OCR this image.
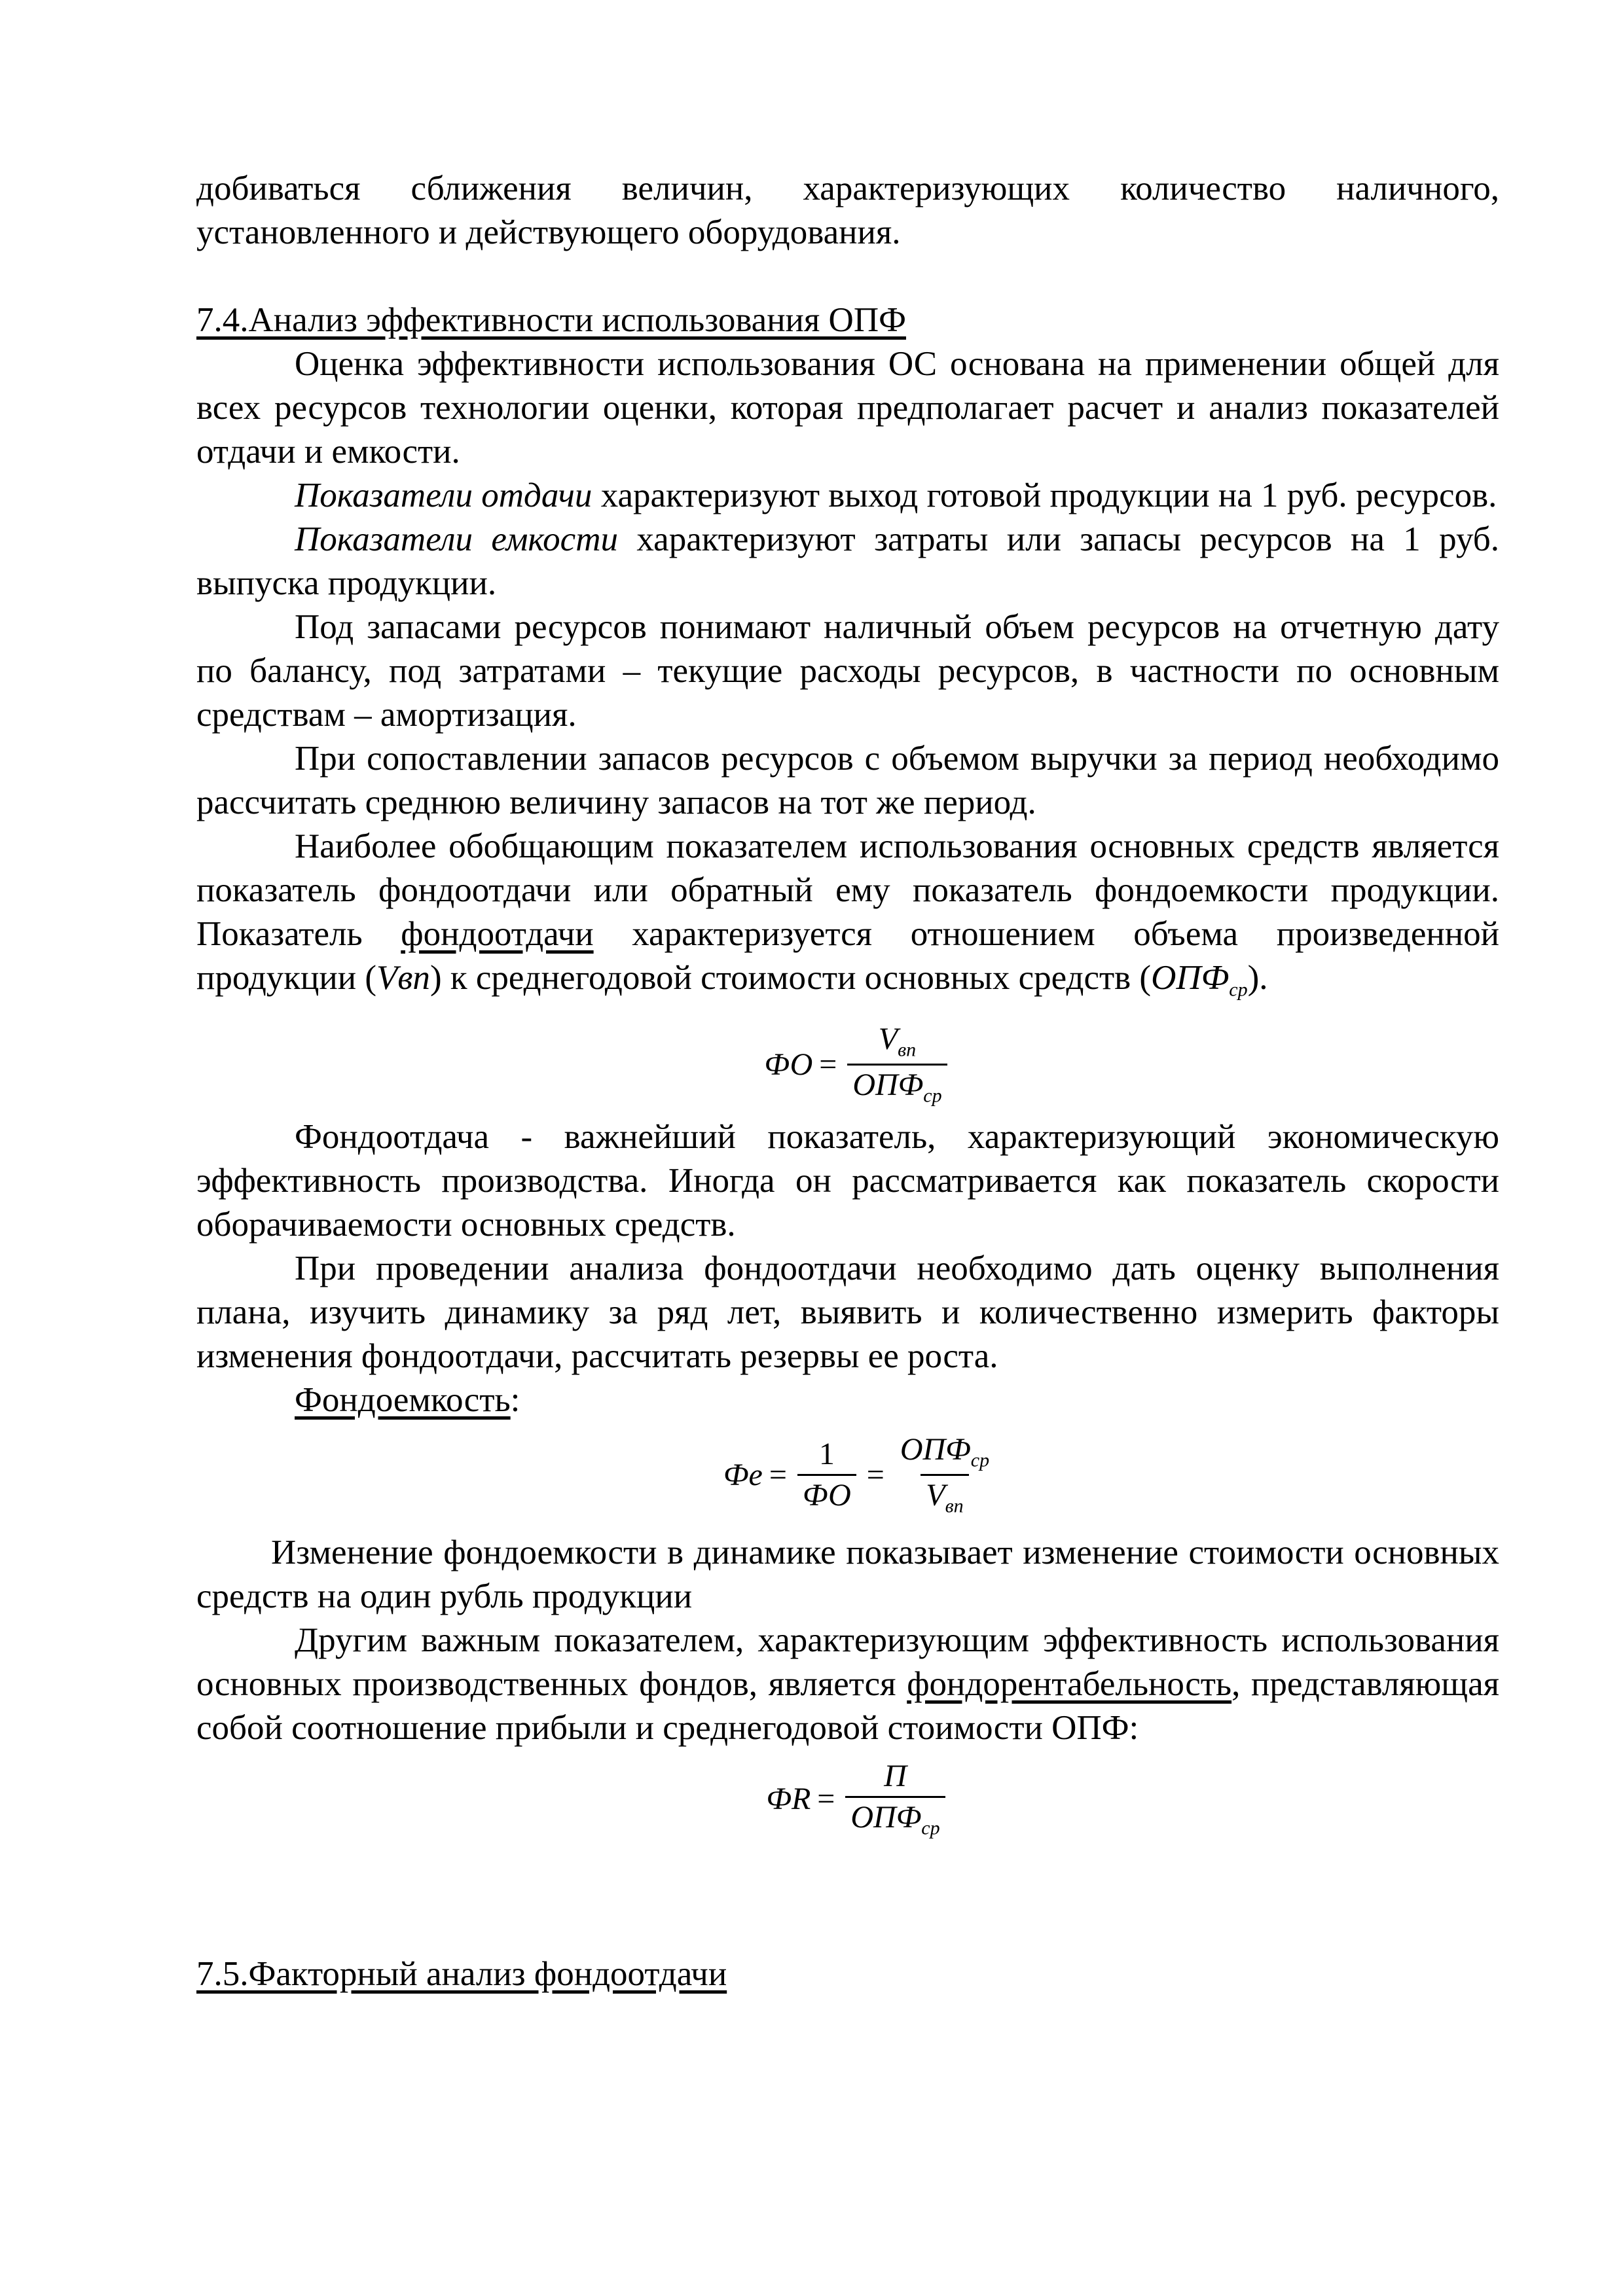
добиваться сближения величин, характеризующих количество наличного, установленного и действующего оборудования.

7.4.Анализ эффективности использования ОПФ

Оценка эффективности использования ОС основана на применении общей для всех ресурсов технологии оценки, которая предполагает расчет и анализ показателей отдачи и емкости.

Показатели отдачи характеризуют выход готовой продукции на 1 руб. ресурсов.

Показатели емкости характеризуют затраты или запасы ресурсов на 1 руб. выпуска продукции.

Под запасами ресурсов понимают наличный объем ресурсов на отчетную дату по балансу, под затратами – текущие расходы ресурсов, в частности по основным средствам – амортизация.

При сопоставлении запасов ресурсов с объемом выручки за период необходимо рассчитать среднюю величину запасов на тот же период.

Наиболее обобщающим показателем использования основных средств является показатель фондоотдачи или обратный ему показатель фондоемкости продукции. Показатель фондоотдачи характеризуется отношением объема произведенной продукции (Vвп) к среднегодовой стоимости основных средств $(ОПФ_{ср})$.

ФО = $\frac{V_{вп}}{ОПФ_{ср}}$

Фондоотдача - важнейший показатель, характеризующий экономическую эффективность производства. Иногда он рассматривается как показатель скорости оборачиваемости основных средств.

При проведении анализа фондоотдачи необходимо дать оценку выполнения плана, изучить динамику за ряд лет, выявить и количественно измерить факторы изменения фондоотдачи, рассчитать резервы ее роста.

Фондоемкость:

Фе = $\frac{1}{ФО} = \frac{ОПФ_{ср}}{V_{вп}}$

Изменение фондоемкости в динамике показывает изменение стоимости основных средств на один рубль продукции

Другим важным показателем, характеризующим эффективность использования основных производственных фондов, является фондорентабельность, представляющая собой соотношение прибыли и среднегодовой стоимости ОПФ:

ФR = $\frac{П}{ОПФ_{ср}}$

7.5.Факторный анализ фондоотдачи
